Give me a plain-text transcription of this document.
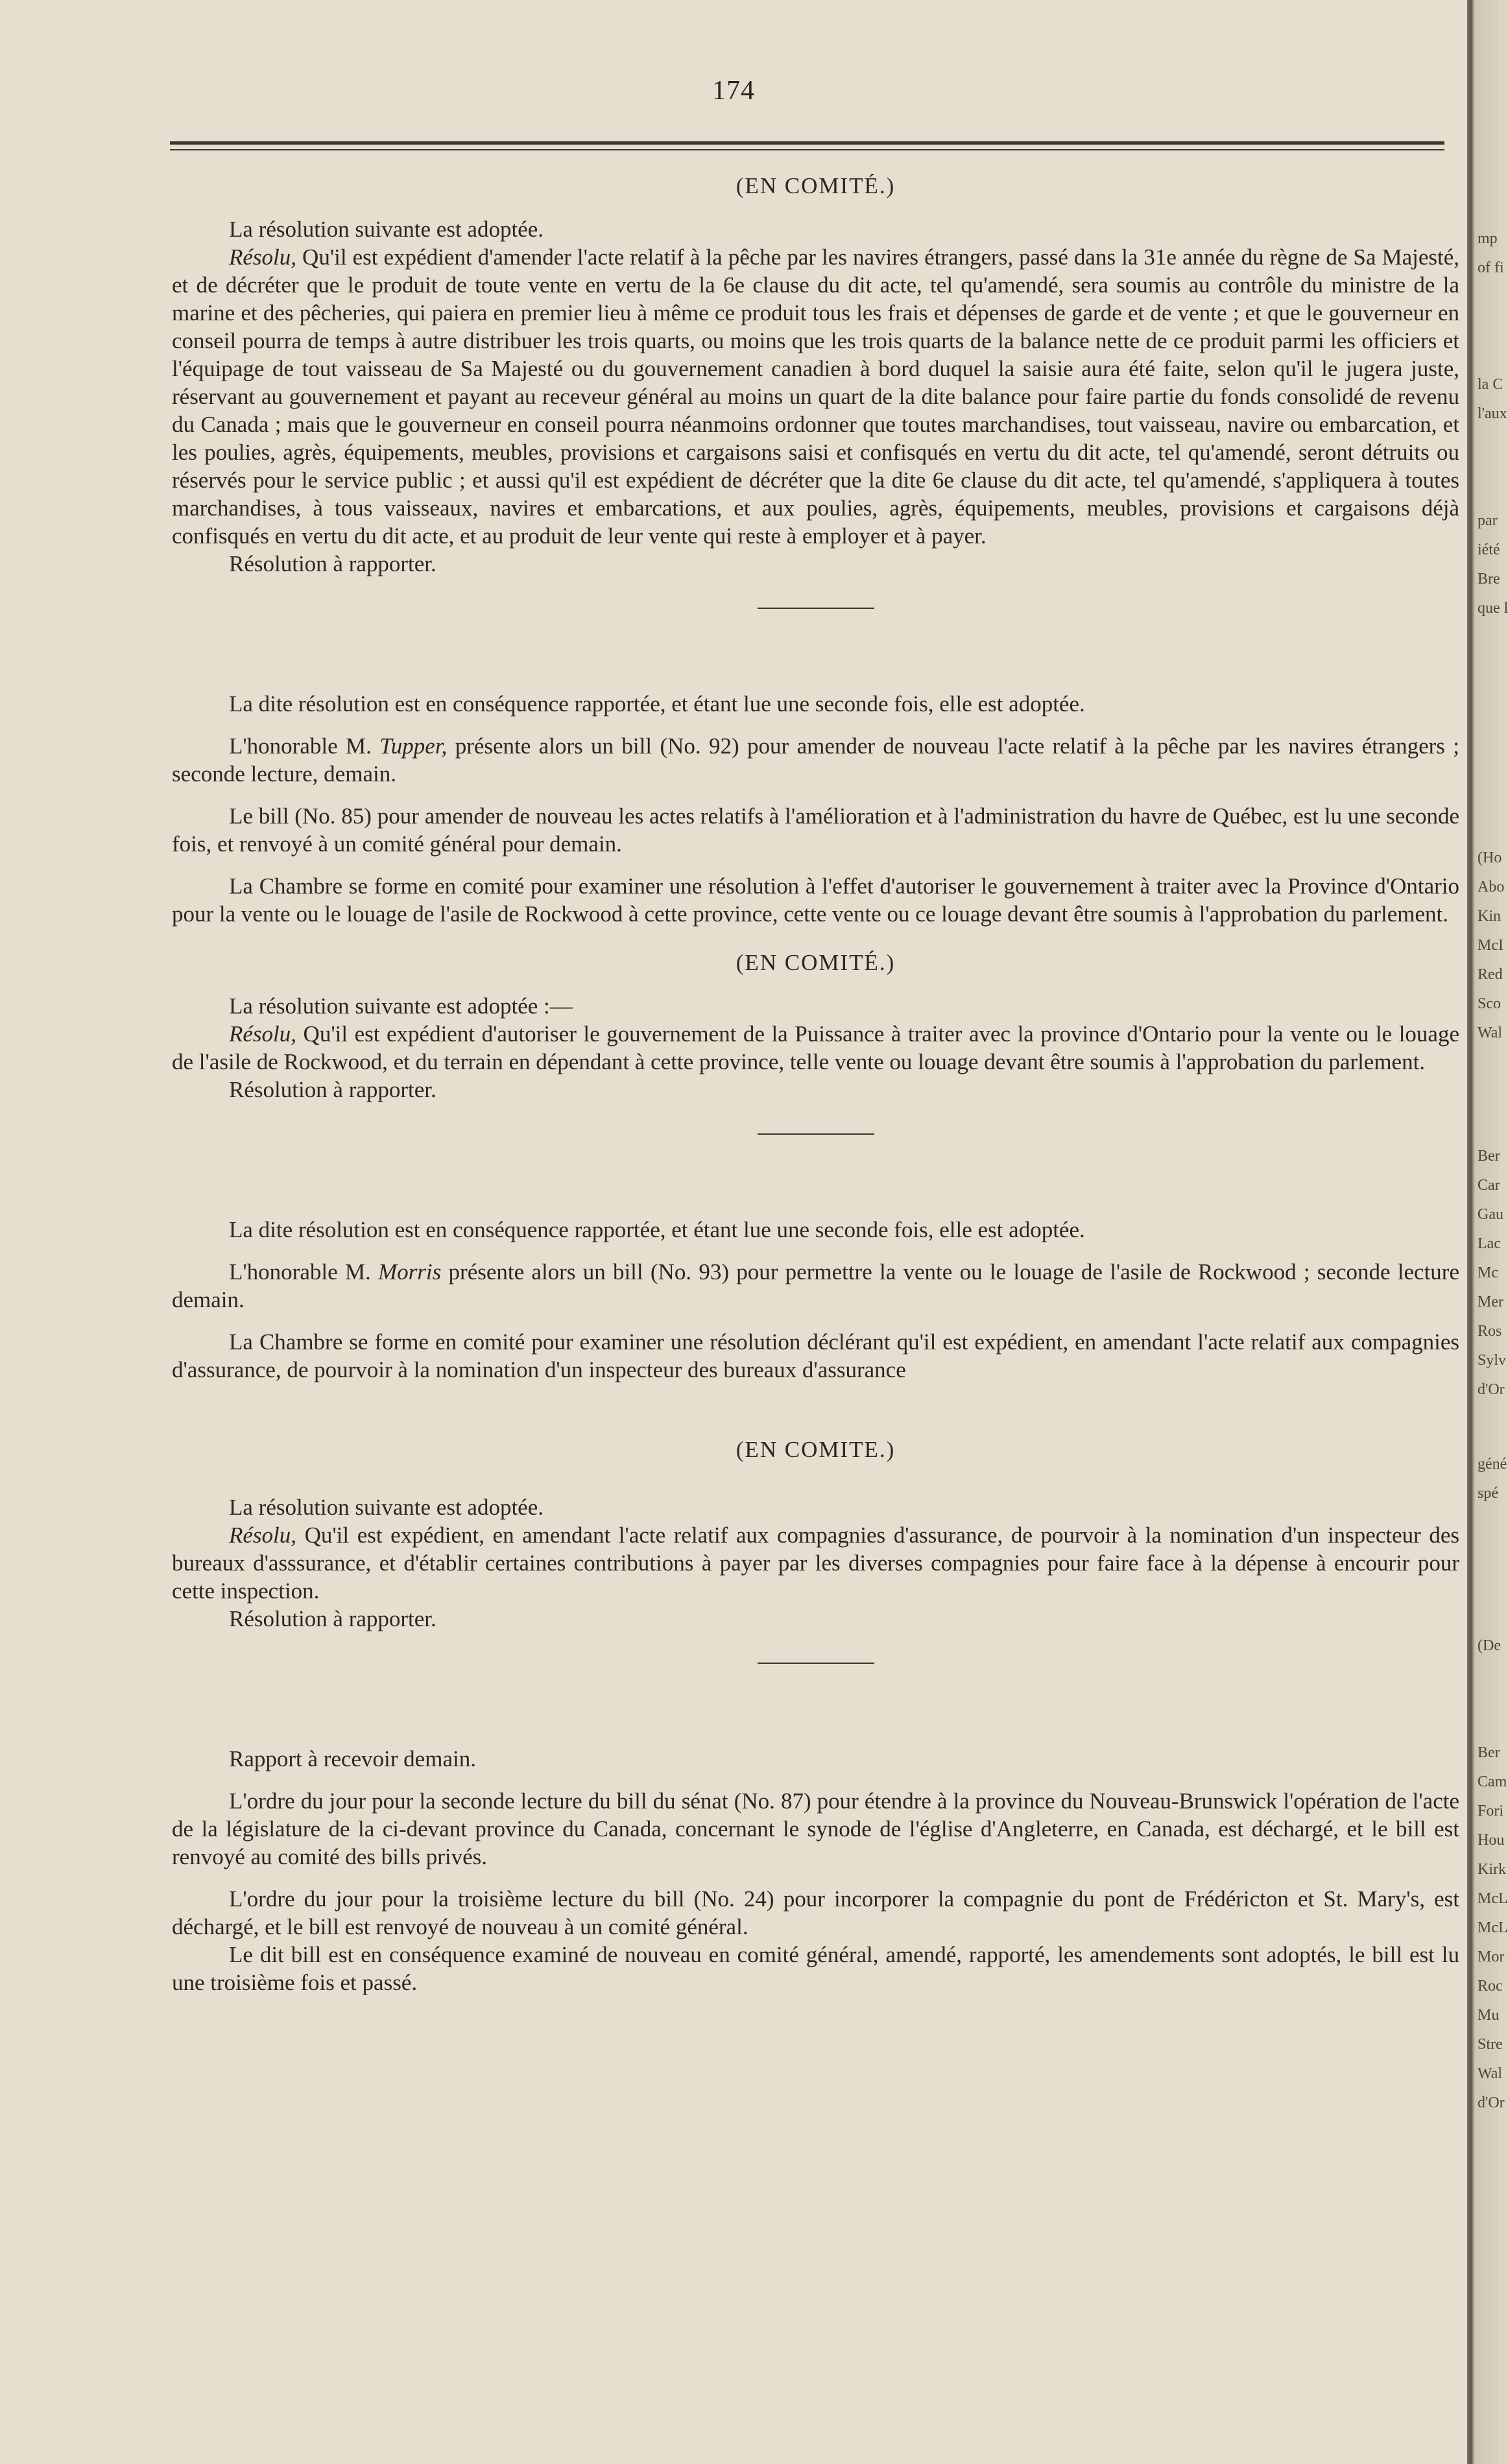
174
(EN COMITÉ.)

La résolution suivante est adoptée.

Résolu, Qu'il est expédient d'amender l'acte relatif à la pêche par les navires étrangers, passé dans la 31e année du règne de Sa Majesté, et de décréter que le produit de toute vente en vertu de la 6e clause du dit acte, tel qu'amendé, sera soumis au contrôle du ministre de la marine et des pêcheries, qui paiera en premier lieu à même ce produit tous les frais et dépenses de garde et de vente ; et que le gouverneur en conseil pourra de temps à autre distribuer les trois quarts, ou moins que les trois quarts de la balance nette de ce produit parmi les officiers et l'équipage de tout vaisseau de Sa Majesté ou du gouvernement canadien à bord duquel la saisie aura été faite, selon qu'il le jugera juste, réservant au gouvernement et payant au receveur général au moins un quart de la dite balance pour faire partie du fonds consolidé de revenu du Canada ; mais que le gouverneur en conseil pourra néanmoins ordonner que toutes marchandises, tout vaisseau, navire ou embarcation, et les poulies, agrès, équipements, meubles, provisions et cargaisons saisi et confisqués en vertu du dit acte, tel qu'amendé, seront détruits ou réservés pour le service public ; et aussi qu'il est expédient de décréter que la dite 6e clause du dit acte, tel qu'amendé, s'appliquera à toutes marchandises, à tous vaisseaux, navires et embarcations, et aux poulies, agrès, équipements, meubles, provisions et cargaisons déjà confisqués en vertu du dit acte, et au produit de leur vente qui reste à employer et à payer.

Résolution à rapporter.

La dite résolution est en conséquence rapportée, et étant lue une seconde fois, elle est adoptée.

L'honorable M. Tupper, présente alors un bill (No. 92) pour amender de nouveau l'acte relatif à la pêche par les navires étrangers ; seconde lecture, demain.

Le bill (No. 85) pour amender de nouveau les actes relatifs à l'amélioration et à l'administration du havre de Québec, est lu une seconde fois, et renvoyé à un comité général pour demain.

La Chambre se forme en comité pour examiner une résolution à l'effet d'autoriser le gouvernement à traiter avec la Province d'Ontario pour la vente ou le louage de l'asile de Rockwood à cette province, cette vente ou ce louage devant être soumis à l'approbation du parlement.

(EN COMITÉ.)

La résolution suivante est adoptée :—

Résolu, Qu'il est expédient d'autoriser le gouvernement de la Puissance à traiter avec la province d'Ontario pour la vente ou le louage de l'asile de Rockwood, et du terrain en dépendant à cette province, telle vente ou louage devant être soumis à l'approbation du parlement.

Résolution à rapporter.

La dite résolution est en conséquence rapportée, et étant lue une seconde fois, elle est adoptée.

L'honorable M. Morris présente alors un bill (No. 93) pour permettre la vente ou le louage de l'asile de Rockwood ; seconde lecture demain.

La Chambre se forme en comité pour examiner une résolution déclérant qu'il est expédient, en amendant l'acte relatif aux compagnies d'assurance, de pourvoir à la nomination d'un inspecteur des bureaux d'assurance

(EN COMITE.)

La résolution suivante est adoptée.

Résolu, Qu'il est expédient, en amendant l'acte relatif aux compagnies d'assurance, de pourvoir à la nomination d'un inspecteur des bureaux d'asssurance, et d'établir certaines contributions à payer par les diverses compagnies pour faire face à la dépense à encourir pour cette inspection.

Résolution à rapporter.

Rapport à recevoir demain.

L'ordre du jour pour la seconde lecture du bill du sénat (No. 87) pour étendre à la province du Nouveau-Brunswick l'opération de l'acte de la législature de la ci-devant province du Canada, concernant le synode de l'église d'Angleterre, en Canada, est déchargé, et le bill est renvoyé au comité des bills privés.

L'ordre du jour pour la troisième lecture du bill (No. 24) pour incorporer la compagnie du pont de Frédéricton et St. Mary's, est déchargé, et le bill est renvoyé de nouveau à un comité général.

Le dit bill est en conséquence examiné de nouveau en comité général, amendé, rapporté, les amendements sont adoptés, le bill est lu une troisième fois et passé.

mp
of fi
la C
l'aux
par
iété
Bre
que l
(Ho
Abo
Kin
McI
Red
Sco
Wal
Ber
Car
Gau
Lac
Mc
Mer
Ros
Sylv
d'Or
géné
spé
(De
Ber
Cam
Fori
Hou
Kirk
McL
McL
Mor
Roc
Mu
Stre
Wal
d'Or
